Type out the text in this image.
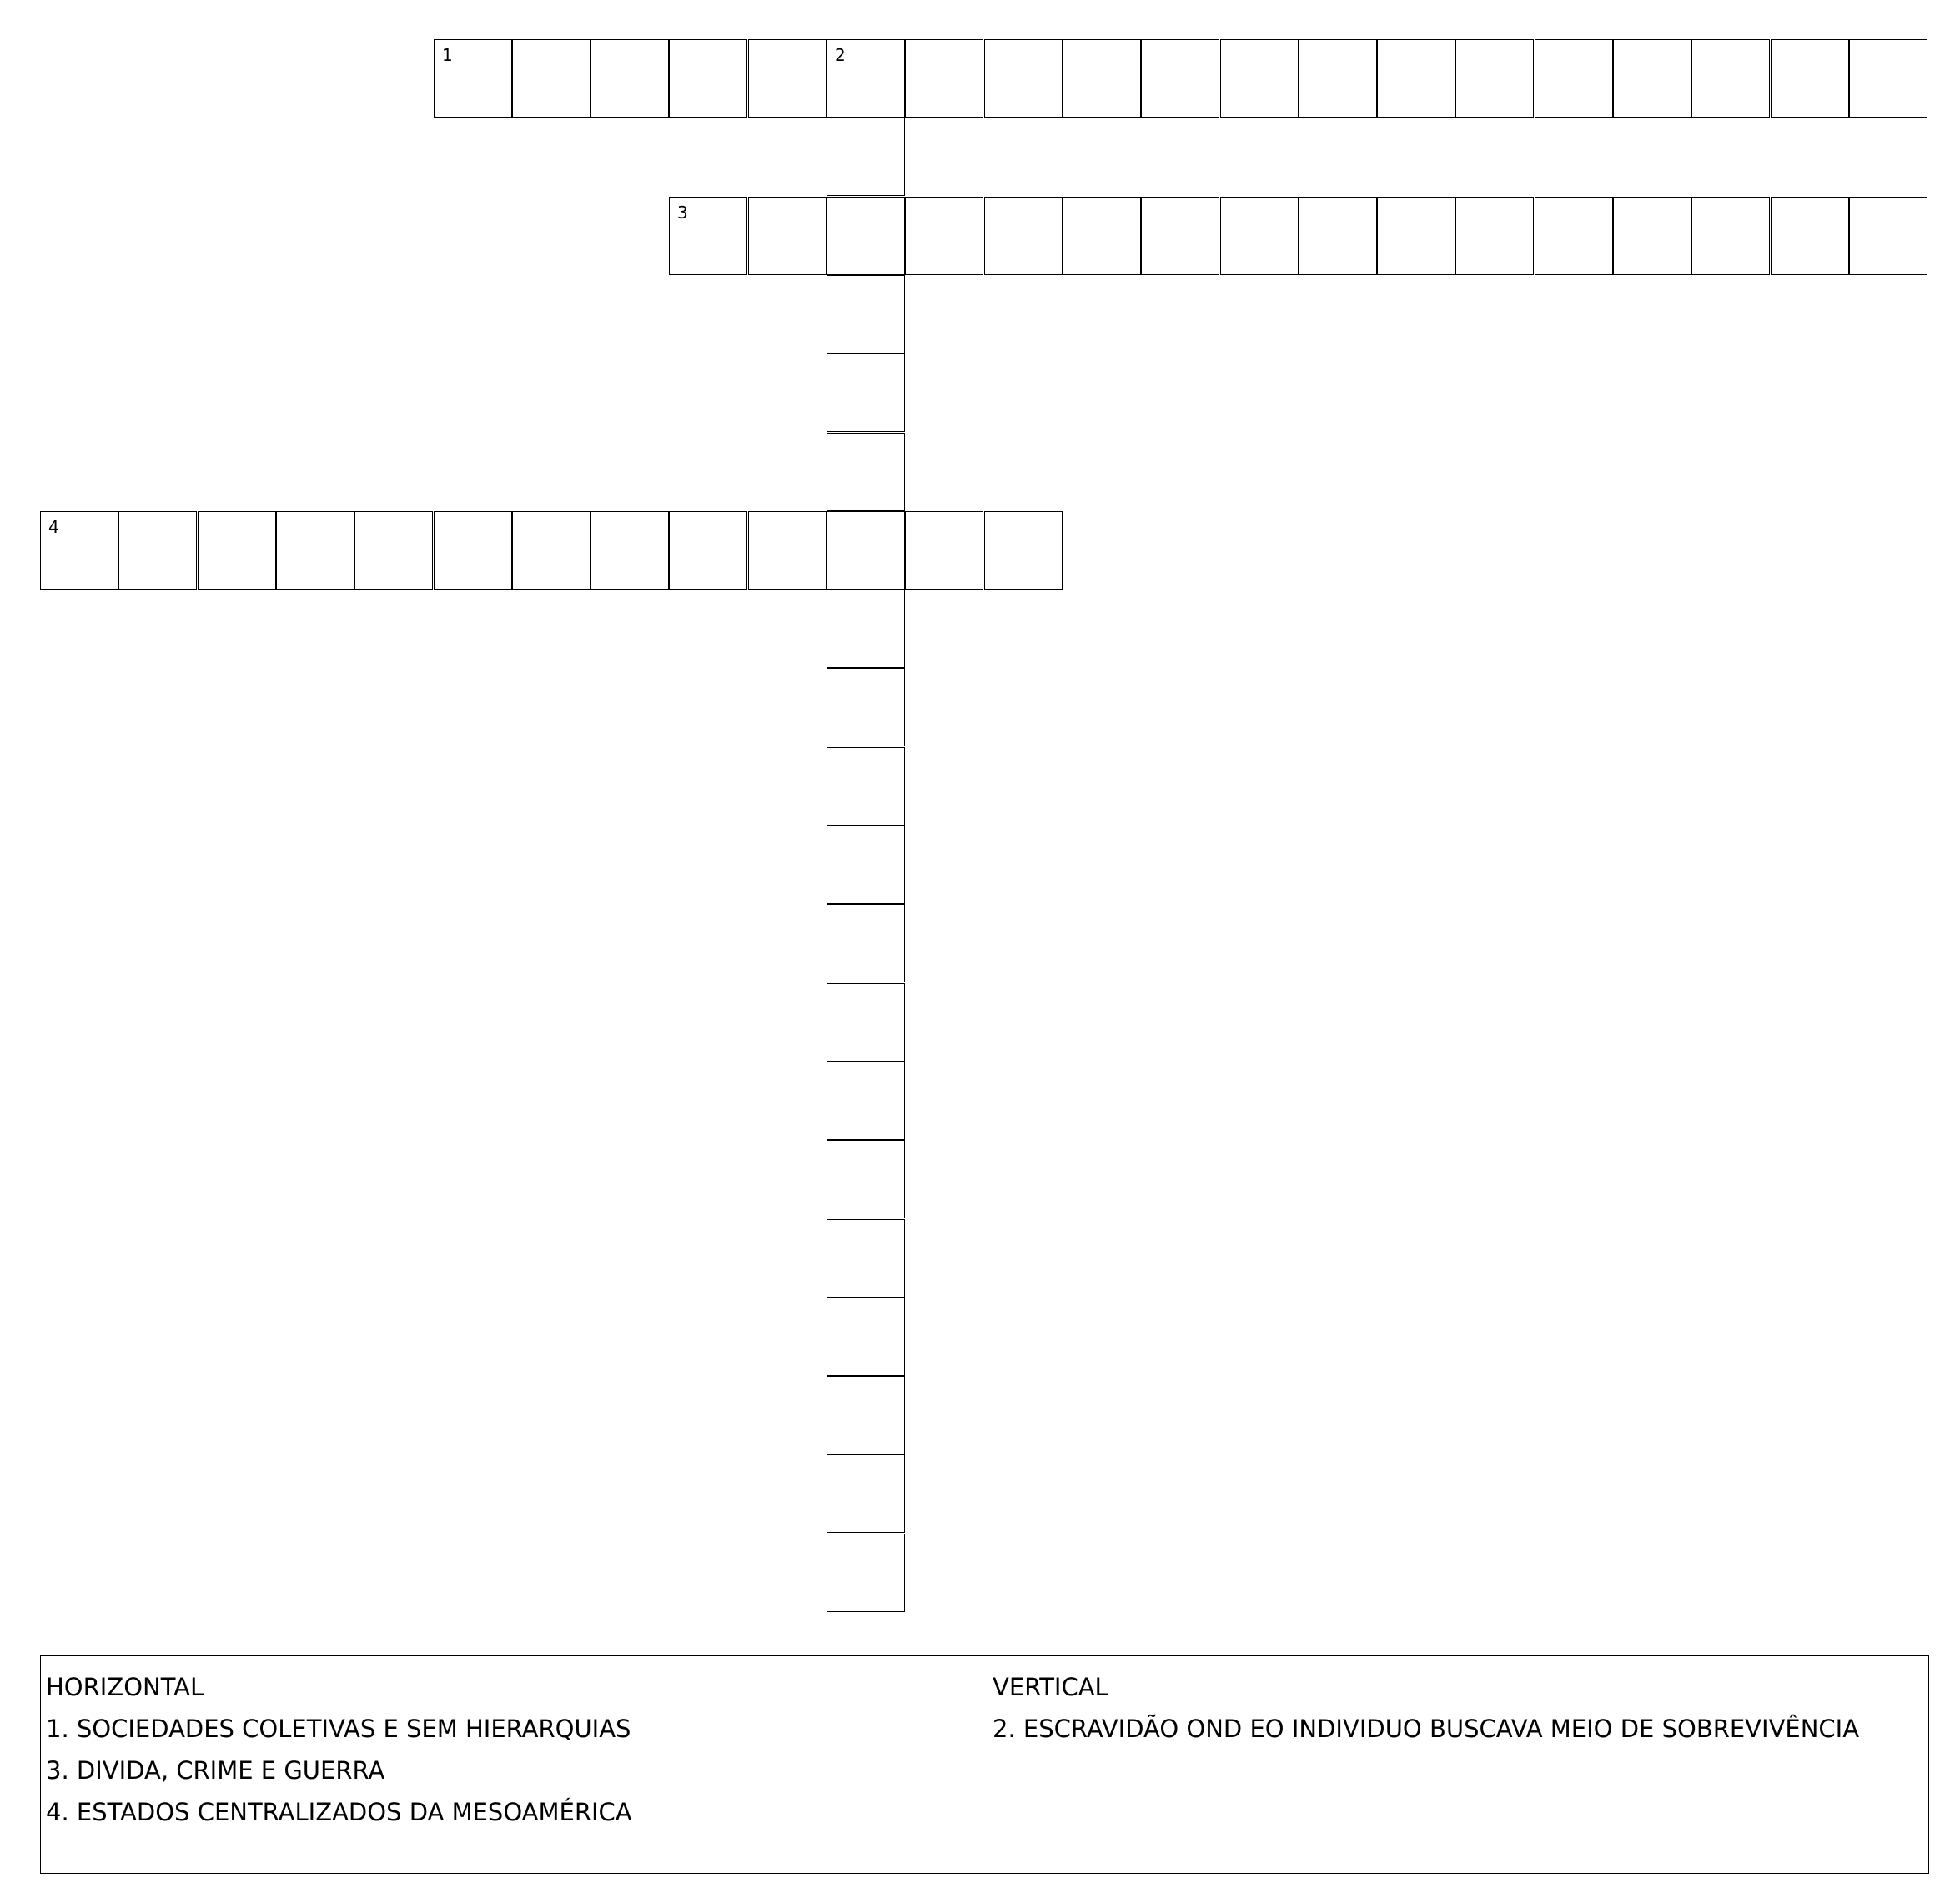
1	2
3
4
HORIZONTAL
1. SOCIEDADES COLETIVAS E SEM HIERARQUIAS
3. DIVIDA, CRIME E GUERRA
4. ESTADOS CENTRALIZADOS DA MESOAMÉRICA
VERTICAL
2. ESCRAVIDÃO OND EO INDIVIDUO BUSCAVA MEIO DE SOBREVIVÊNCIA
